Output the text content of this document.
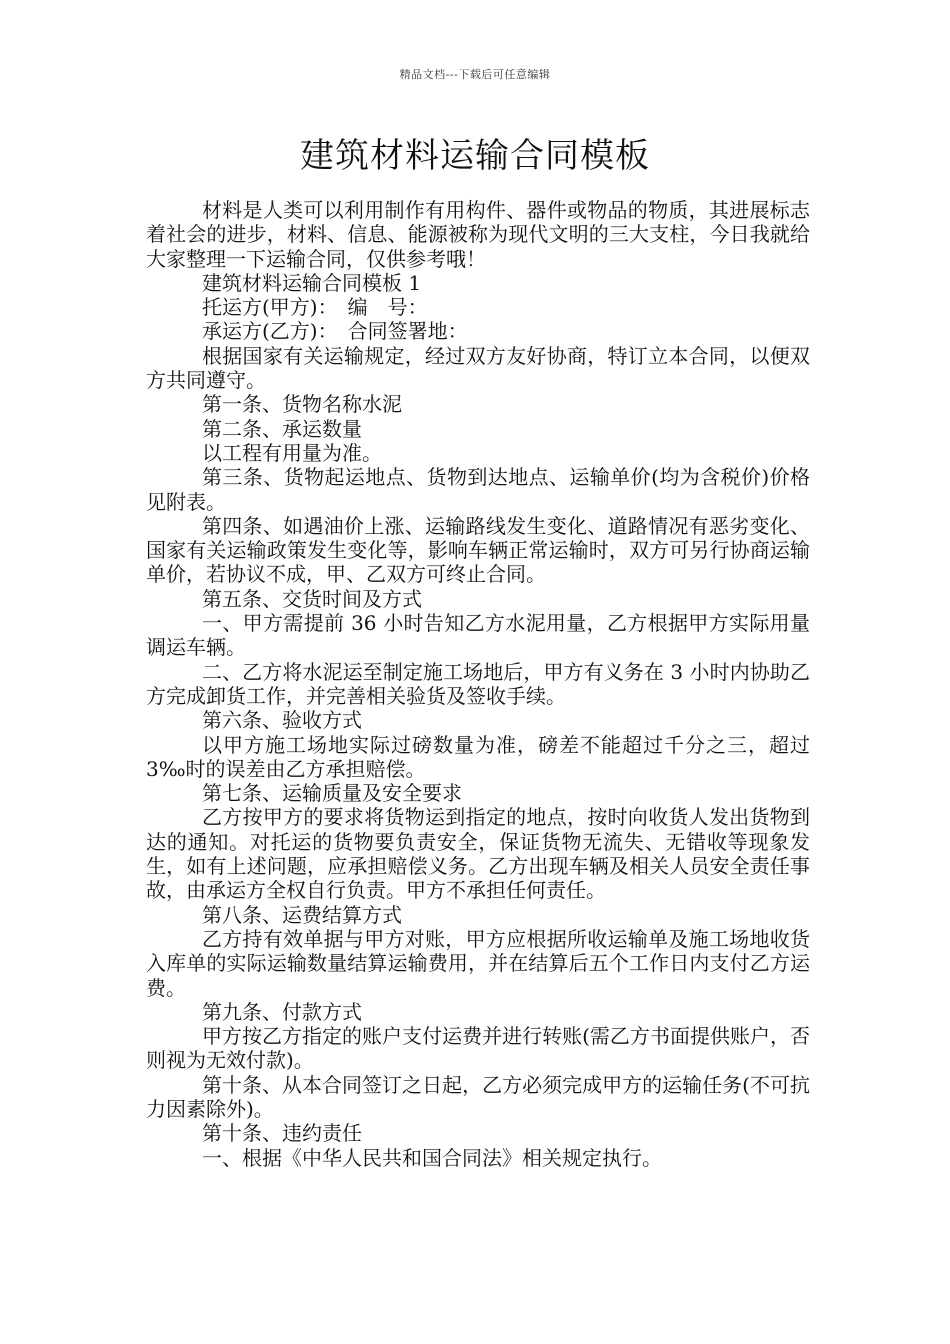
精品文档---下载后可任意编辑
建筑材料运输合同模板

材料是人类可以利用制作有用构件、器件或物品的物质，其进展标志着社会的进步，材料、信息、能源被称为现代文明的三大支柱，今日我就给大家整理一下运输合同，仅供参考哦！

建筑材料运输合同模板 1

托运方(甲方)：　编　号：

承运方(乙方)：　合同签署地：

根据国家有关运输规定，经过双方友好协商，特订立本合同，以便双方共同遵守。

第一条、货物名称水泥

第二条、承运数量

以工程有用量为准。

第三条、货物起运地点、货物到达地点、运输单价(均为含税价)价格见附表。

第四条、如遇油价上涨、运输路线发生变化、道路情况有恶劣变化、国家有关运输政策发生变化等，影响车辆正常运输时，双方可另行协商运输单价，若协议不成，甲、乙双方可终止合同。

第五条、交货时间及方式

一、甲方需提前 36 小时告知乙方水泥用量，乙方根据甲方实际用量调运车辆。

二、乙方将水泥运至制定施工场地后，甲方有义务在 3 小时内协助乙方完成卸货工作，并完善相关验货及签收手续。

第六条、验收方式

以甲方施工场地实际过磅数量为准，磅差不能超过千分之三，超过 3‰时的误差由乙方承担赔偿。

第七条、运输质量及安全要求

乙方按甲方的要求将货物运到指定的地点，按时向收货人发出货物到达的通知。对托运的货物要负责安全，保证货物无流失、无错收等现象发生，如有上述问题，应承担赔偿义务。乙方出现车辆及相关人员安全责任事故，由承运方全权自行负责。甲方不承担任何责任。

第八条、运费结算方式

乙方持有效单据与甲方对账，甲方应根据所收运输单及施工场地收货入库单的实际运输数量结算运输费用，并在结算后五个工作日内支付乙方运费。

第九条、付款方式

甲方按乙方指定的账户支付运费并进行转账(需乙方书面提供账户，否则视为无效付款)。

第十条、从本合同签订之日起，乙方必须完成甲方的运输任务(不可抗力因素除外)。

第十条、违约责任

一、根据《中华人民共和国合同法》相关规定执行。
